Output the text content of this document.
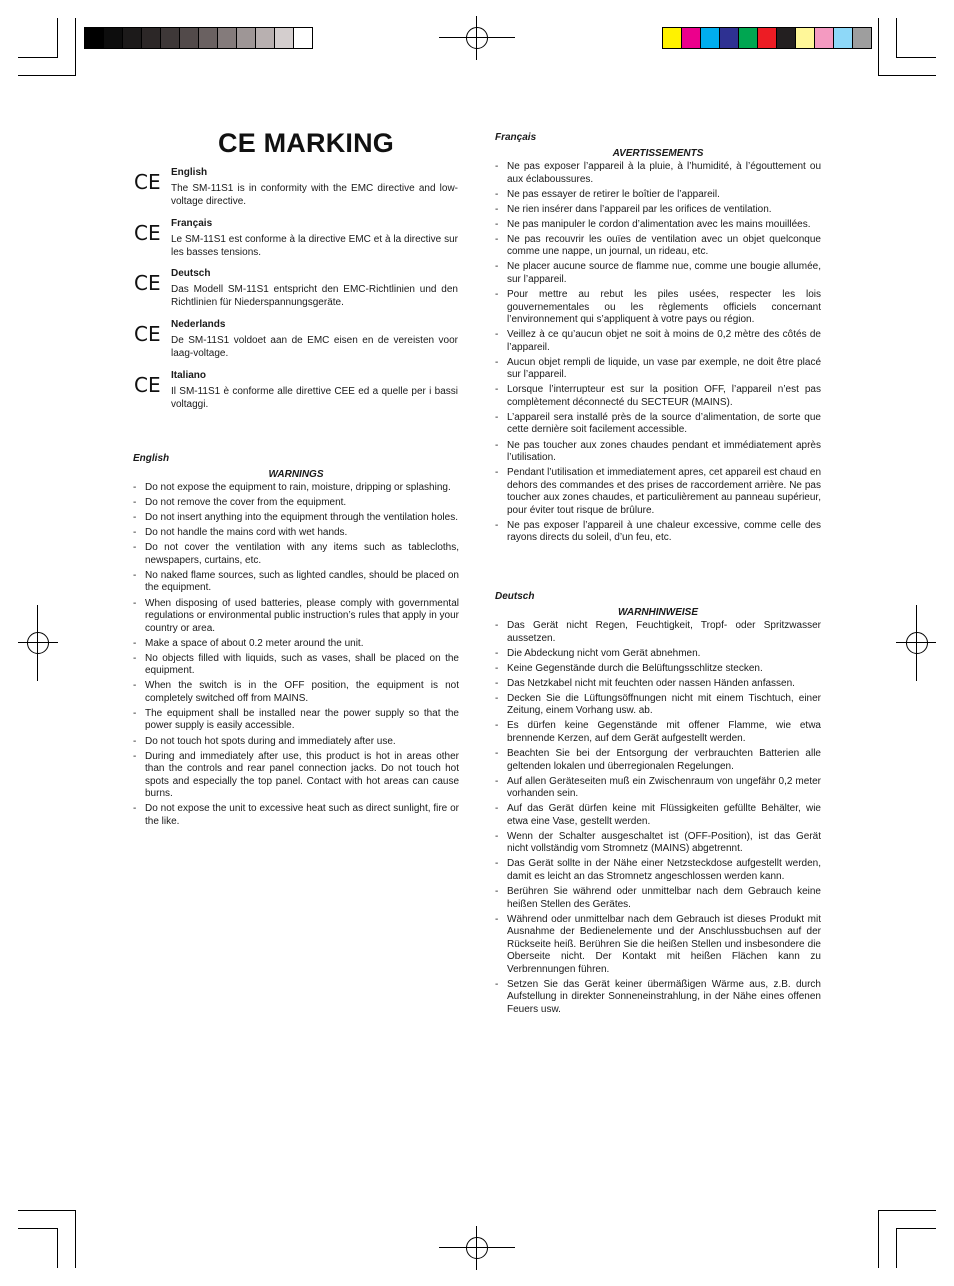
CE MARKING
CE English
The SM-11S1 is in conformity with the EMC directive and low-voltage directive.
CE Français
Le SM-11S1 est conforme à la directive EMC et à la directive sur les basses tensions.
CE Deutsch
Das Modell SM-11S1 entspricht den EMC-Richtlinien und den Richtlinien für Niederspannungsgeräte.
CE Nederlands
De SM-11S1 voldoet aan de EMC eisen en de vereisten voor laag-voltage.
CE Italiano
Il SM-11S1 è conforme alle direttive CEE ed a quelle per i bassi voltaggi.
English
WARNINGS
- Do not expose the equipment to rain, moisture, dripping or splashing.
- Do not remove the cover from the equipment.
- Do not insert anything into the equipment through the ventilation holes.
- Do not handle the mains cord with wet hands.
- Do not cover the ventilation with any items such as tablecloths, newspapers, curtains, etc.
- No naked flame sources, such as lighted candles, should be placed on the equipment.
- When disposing of used batteries, please comply with governmental regulations or environmental public instruction’s rules that apply in your country or area.
- Make a space of about 0.2 meter around the unit.
- No objects filled with liquids, such as vases, shall be placed on the equipment.
- When the switch is in the OFF position, the equipment is not completely switched off from MAINS.
- The equipment shall be installed near the power supply so that the power supply is easily accessible.
- Do not touch hot spots during and immediately after use.
- During and immediately after use, this product is hot in areas other than the controls and rear panel connection jacks. Do not touch hot spots and especially the top panel. Contact with hot areas can cause burns.
- Do not expose the unit to excessive heat such as direct sunlight, fire or the like.
Français
AVERTISSEMENTS
- Ne pas exposer l’appareil à la pluie, à l’humidité, à l’égouttement ou aux éclaboussures.
- Ne pas essayer de retirer le boîtier de l’appareil.
- Ne rien insérer dans l’appareil par les orifices de ventilation.
- Ne pas manipuler le cordon d’alimentation avec les mains mouillées.
- Ne pas recouvrir les ouïes de ventilation avec un objet quelconque comme une nappe, un journal, un rideau, etc.
- Ne placer aucune source de flamme nue, comme une bougie allumée, sur l’appareil.
- Pour mettre au rebut les piles usées, respecter les lois gouvernementales ou les règlements officiels concernant l’environnement qui s’appliquent à votre pays ou région.
- Veillez à ce qu’aucun objet ne soit à moins de 0,2 mètre des côtés de l’appareil.
- Aucun objet rempli de liquide, un vase par exemple, ne doit être placé sur l’appareil.
- Lorsque l’interrupteur est sur la position OFF, l’appareil n’est pas complètement déconnecté du SECTEUR (MAINS).
- L’appareil sera installé près de la source d’alimentation, de sorte que cette dernière soit facilement accessible.
- Ne pas toucher aux zones chaudes pendant et immédiatement après l’utilisation.
- Pendant l’utilisation et immediatement apres, cet appareil est chaud en dehors des commandes et des prises de raccordement arrière. Ne pas toucher aux zones chaudes, et particulièrement au panneau supérieur, pour éviter tout risque de brûlure.
- Ne pas exposer l’appareil à une chaleur excessive, comme celle des rayons directs du soleil, d’un feu, etc.
Deutsch
WARNHINWEISE
- Das Gerät nicht Regen, Feuchtigkeit, Tropf- oder Spritzwasser aussetzen.
- Die Abdeckung nicht vom Gerät abnehmen.
- Keine Gegenstände durch die Belüftungsschlitze stecken.
- Das Netzkabel nicht mit feuchten oder nassen Händen anfassen.
- Decken Sie die Lüftungsöffnungen nicht mit einem Tischtuch, einer Zeitung, einem Vorhang usw. ab.
- Es dürfen keine Gegenstände mit offener Flamme, wie etwa brennende Kerzen, auf dem Gerät aufgestellt werden.
- Beachten Sie bei der Entsorgung der verbrauchten Batterien alle geltenden lokalen und überregionalen Regelungen.
- Auf allen Geräteseiten muß ein Zwischenraum von ungefähr 0,2 meter vorhanden sein.
- Auf das Gerät dürfen keine mit Flüssigkeiten gefüllte Behälter, wie etwa eine Vase, gestellt werden.
- Wenn der Schalter ausgeschaltet ist (OFF-Position), ist das Gerät nicht vollständig vom Stromnetz (MAINS) abgetrennt.
- Das Gerät sollte in der Nähe einer Netzsteckdose aufgestellt werden, damit es leicht an das Stromnetz angeschlossen werden kann.
- Berühren Sie während oder unmittelbar nach dem Gebrauch keine heißen Stellen des Gerätes.
- Während oder unmittelbar nach dem Gebrauch ist dieses Produkt mit Ausnahme der Bedienelemente und der Anschlussbuchsen auf der Rückseite heiß. Berühren Sie die heißen Stellen und insbesondere die Oberseite nicht. Der Kontakt mit heißen Flächen kann zu Verbrennungen führen.
- Setzen Sie das Gerät keiner übermäßigen Wärme aus, z.B. durch Aufstellung in direkter Sonneneinstrahlung, in der Nähe eines offenen Feuers usw.
